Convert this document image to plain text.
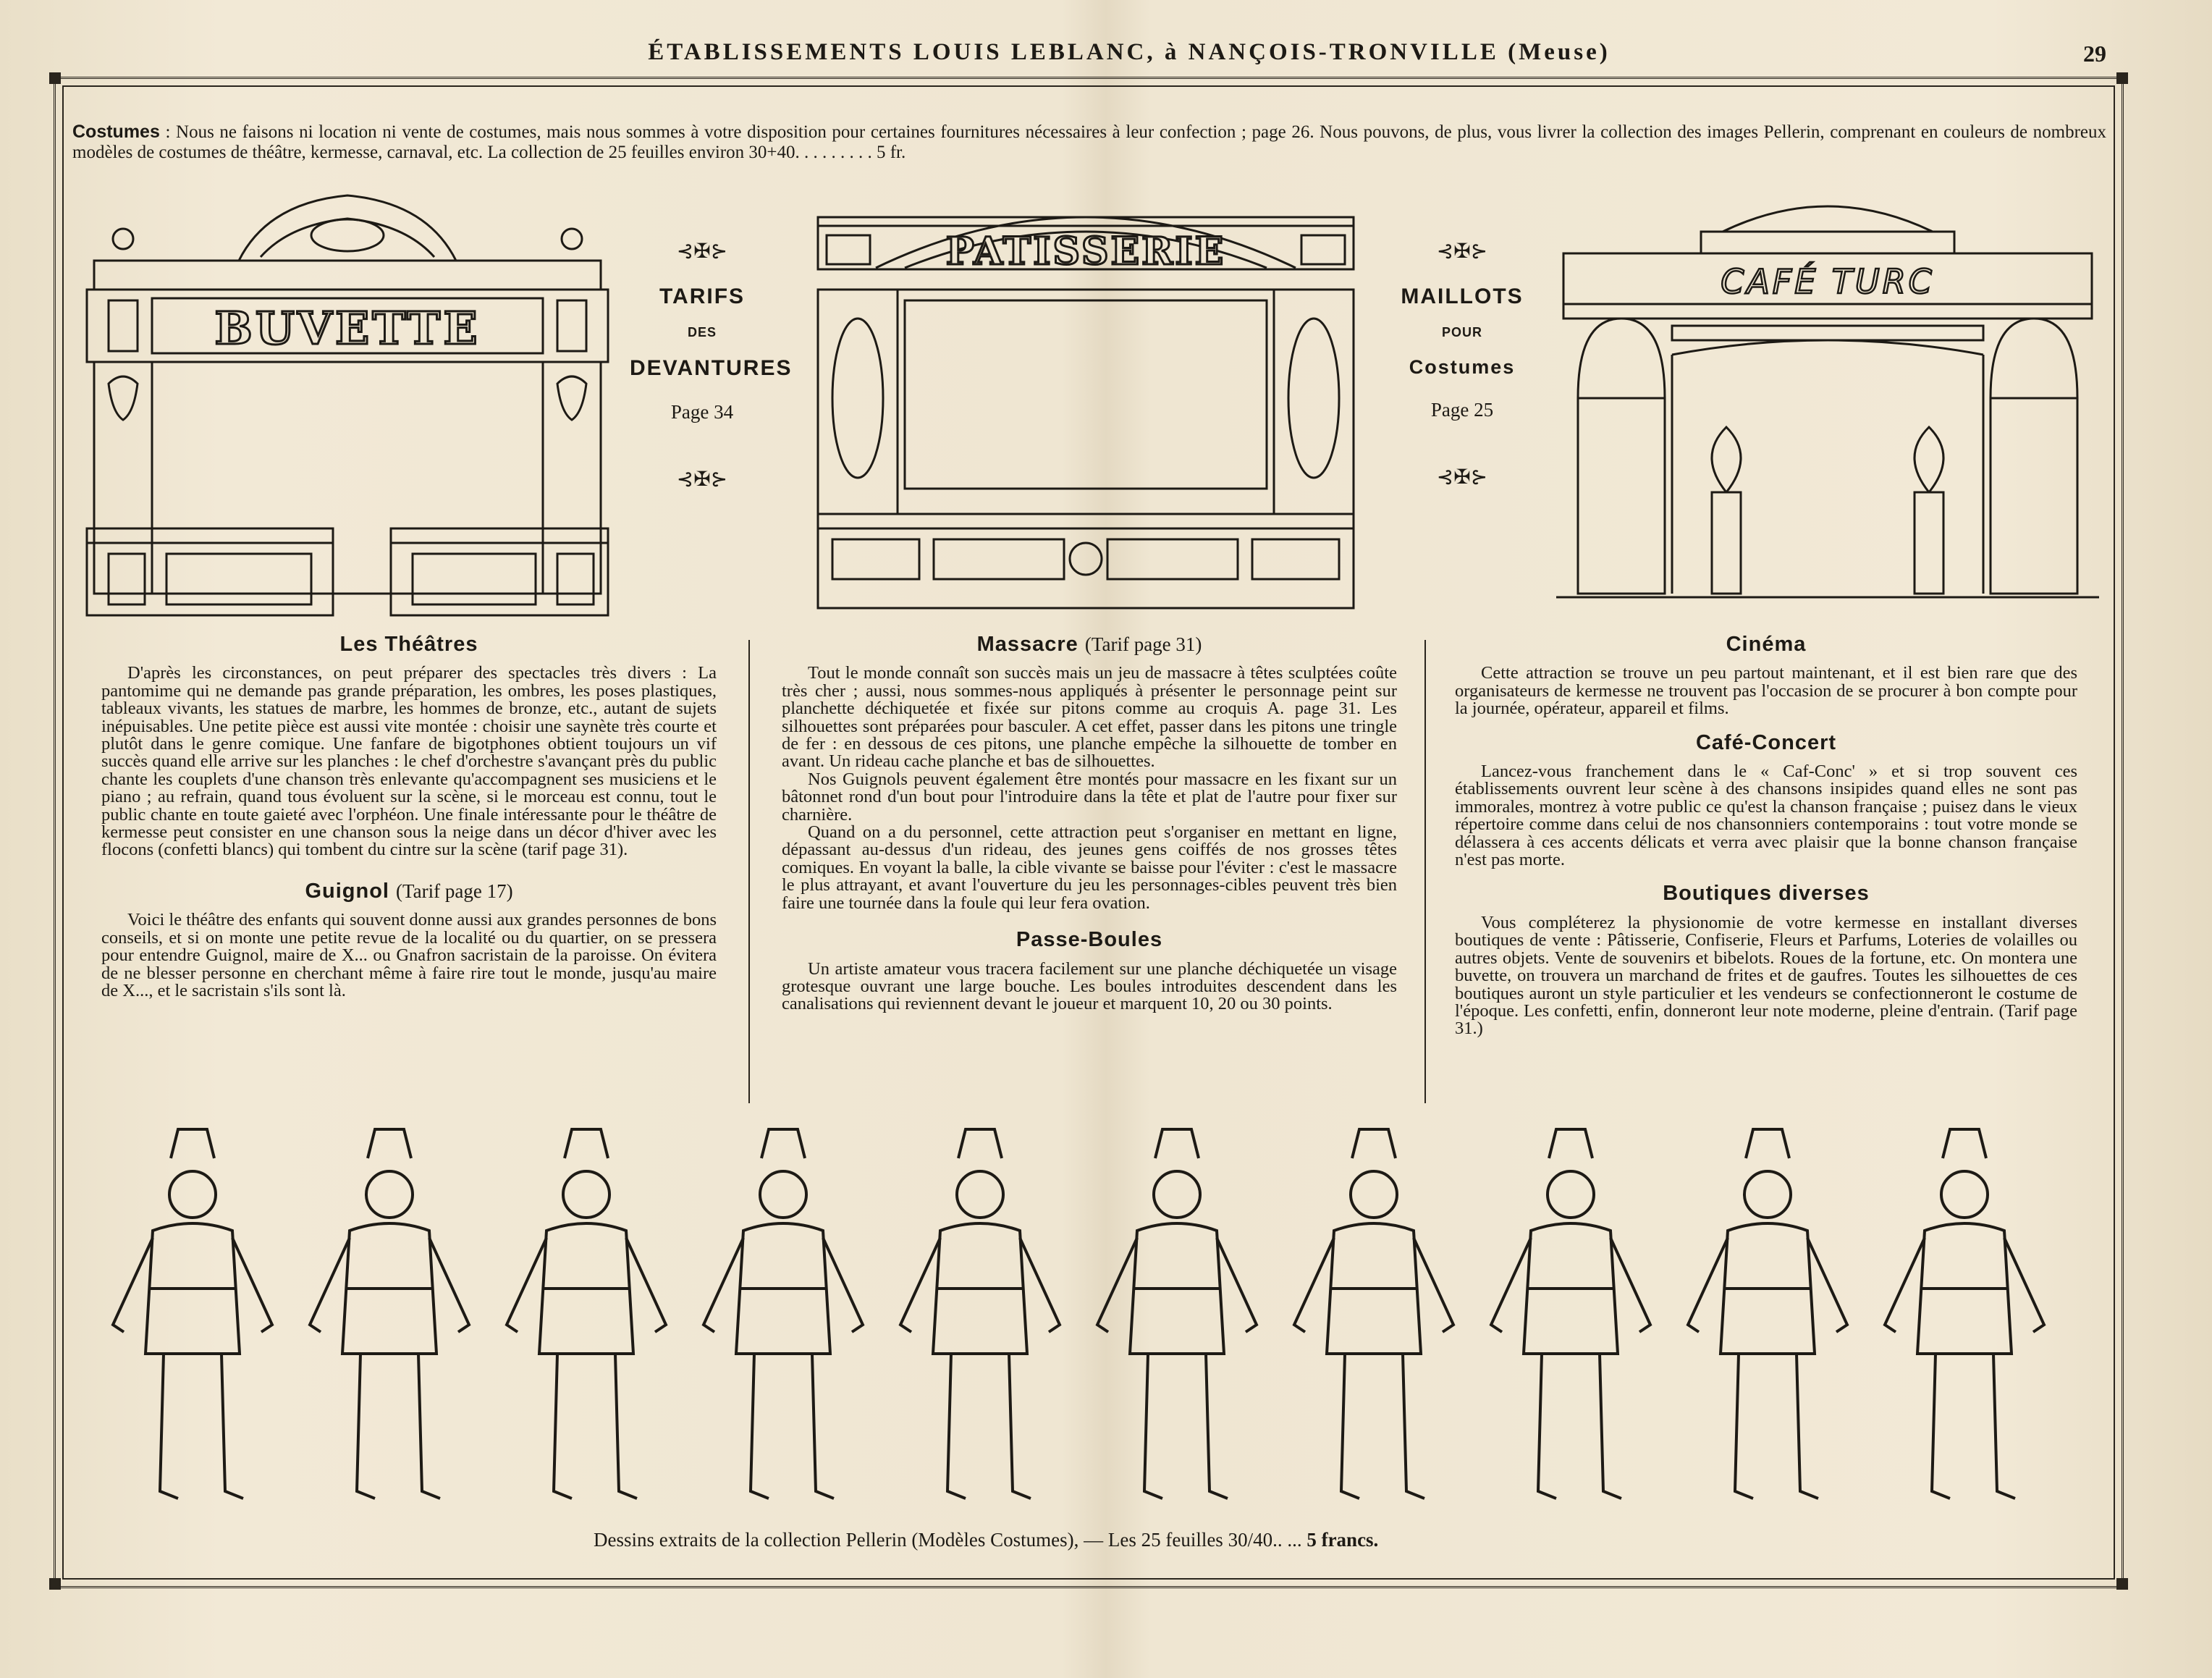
ÉTABLISSEMENTS LOUIS LEBLANC, à NANÇOIS-TRONVILLE (Meuse)	29
Costumes : Nous ne faisons ni location ni vente de costumes, mais nous sommes à votre disposition pour certaines fournitures nécessaires à leur confection ; page 26. Nous pouvons, de plus, vous livrer la collection des images Pellerin, comprenant en couleurs de nombreux modèles de costumes de théâtre, kermesse, carnaval, etc. La collection de 25 feuilles environ 30+40. . . . . . . . . 5 fr.
BUVETTE
⊰✠⊱
TARIFS
DES
DEVANTURES
Page 34
⊰✠⊱
PATISSERIE	⊰✠⊱
MAILLOTS
POUR
Costumes
Page 25
⊰✠⊱
CAFÉ TURC
Les Théâtres

D'après les circonstances, on peut préparer des spectacles très divers : La pantomime qui ne demande pas grande préparation, les ombres, les poses plastiques, tableaux vivants, les statues de marbre, les hommes de bronze, etc., autant de sujets inépuisables. Une petite pièce est aussi vite montée : choisir une saynète très courte et plutôt dans le genre comique. Une fanfare de bigotphones obtient toujours un vif succès quand elle arrive sur les planches : le chef d'orchestre s'avançant près du public chante les couplets d'une chanson très enlevante qu'accompagnent ses musiciens et le piano ; au refrain, quand tous évoluent sur la scène, si le morceau est connu, tout le public chante en toute gaieté avec l'orphéon. Une finale intéressante pour le théâtre de kermesse peut consister en une chanson sous la neige dans un décor d'hiver avec les flocons (confetti blancs) qui tombent du cintre sur la scène (tarif page 31).

Guignol (Tarif page 17)

Voici le théâtre des enfants qui souvent donne aussi aux grandes personnes de bons conseils, et si on monte une petite revue de la localité ou du quartier, on se pressera pour entendre Guignol, maire de X... ou Gnafron sacristain de la paroisse. On évitera de ne blesser personne en cherchant même à faire rire tout le monde, jusqu'au maire de X..., et le sacristain s'ils sont là.

Massacre (Tarif page 31)

Tout le monde connaît son succès mais un jeu de massacre à têtes sculptées coûte très cher ; aussi, nous sommes-nous appliqués à présenter le personnage peint sur planchette déchiquetée et fixée sur pitons comme au croquis A. page 31. Les silhouettes sont préparées pour basculer. A cet effet, passer dans les pitons une tringle de fer : en dessous de ces pitons, une planche empêche la silhouette de tomber en avant. Un rideau cache planche et bas de silhouettes.

Nos Guignols peuvent également être montés pour massacre en les fixant sur un bâtonnet rond d'un bout pour l'introduire dans la tête et plat de l'autre pour fixer sur charnière.

Quand on a du personnel, cette attraction peut s'organiser en mettant en ligne, dépassant au-dessus d'un rideau, des jeunes gens coiffés de nos grosses têtes comiques. En voyant la balle, la cible vivante se baisse pour l'éviter : c'est le massacre le plus attrayant, et avant l'ouverture du jeu les personnages-cibles peuvent très bien faire une tournée dans la foule qui leur fera ovation.

Passe-Boules

Un artiste amateur vous tracera facilement sur une planche déchiquetée un visage grotesque ouvrant une large bouche. Les boules introduites descendent dans les canalisations qui reviennent devant le joueur et marquent 10, 20 ou 30 points.

Cinéma

Cette attraction se trouve un peu partout maintenant, et il est bien rare que des organisateurs de kermesse ne trouvent pas l'occasion de se procurer à bon compte pour la journée, opérateur, appareil et films.

Café-Concert

Lancez-vous franchement dans le « Caf-Conc' » et si trop souvent ces établissements ouvrent leur scène à des chansons insipides quand elles ne sont pas immorales, montrez à votre public ce qu'est la chanson française ; puisez dans le vieux répertoire comme dans celui de nos chansonniers contemporains : tout votre monde se délassera à ces accents délicats et verra avec plaisir que la bonne chanson française n'est pas morte.

Boutiques diverses

Vous compléterez la physionomie de votre kermesse en installant diverses boutiques de vente : Pâtisserie, Confiserie, Fleurs et Parfums, Loteries de volailles ou autres objets. Vente de souvenirs et bibelots. Roues de la fortune, etc. On montera une buvette, on trouvera un marchand de frites et de gaufres. Toutes les silhouettes de ces boutiques auront un style particulier et les vendeurs se confectionneront le costume de l'époque. Les confetti, enfin, donneront leur note moderne, pleine d'entrain. (Tarif page 31.)

Dessins extraits de la collection Pellerin (Modèles Costumes), — Les 25 feuilles 30/40.. ... 5 francs.
